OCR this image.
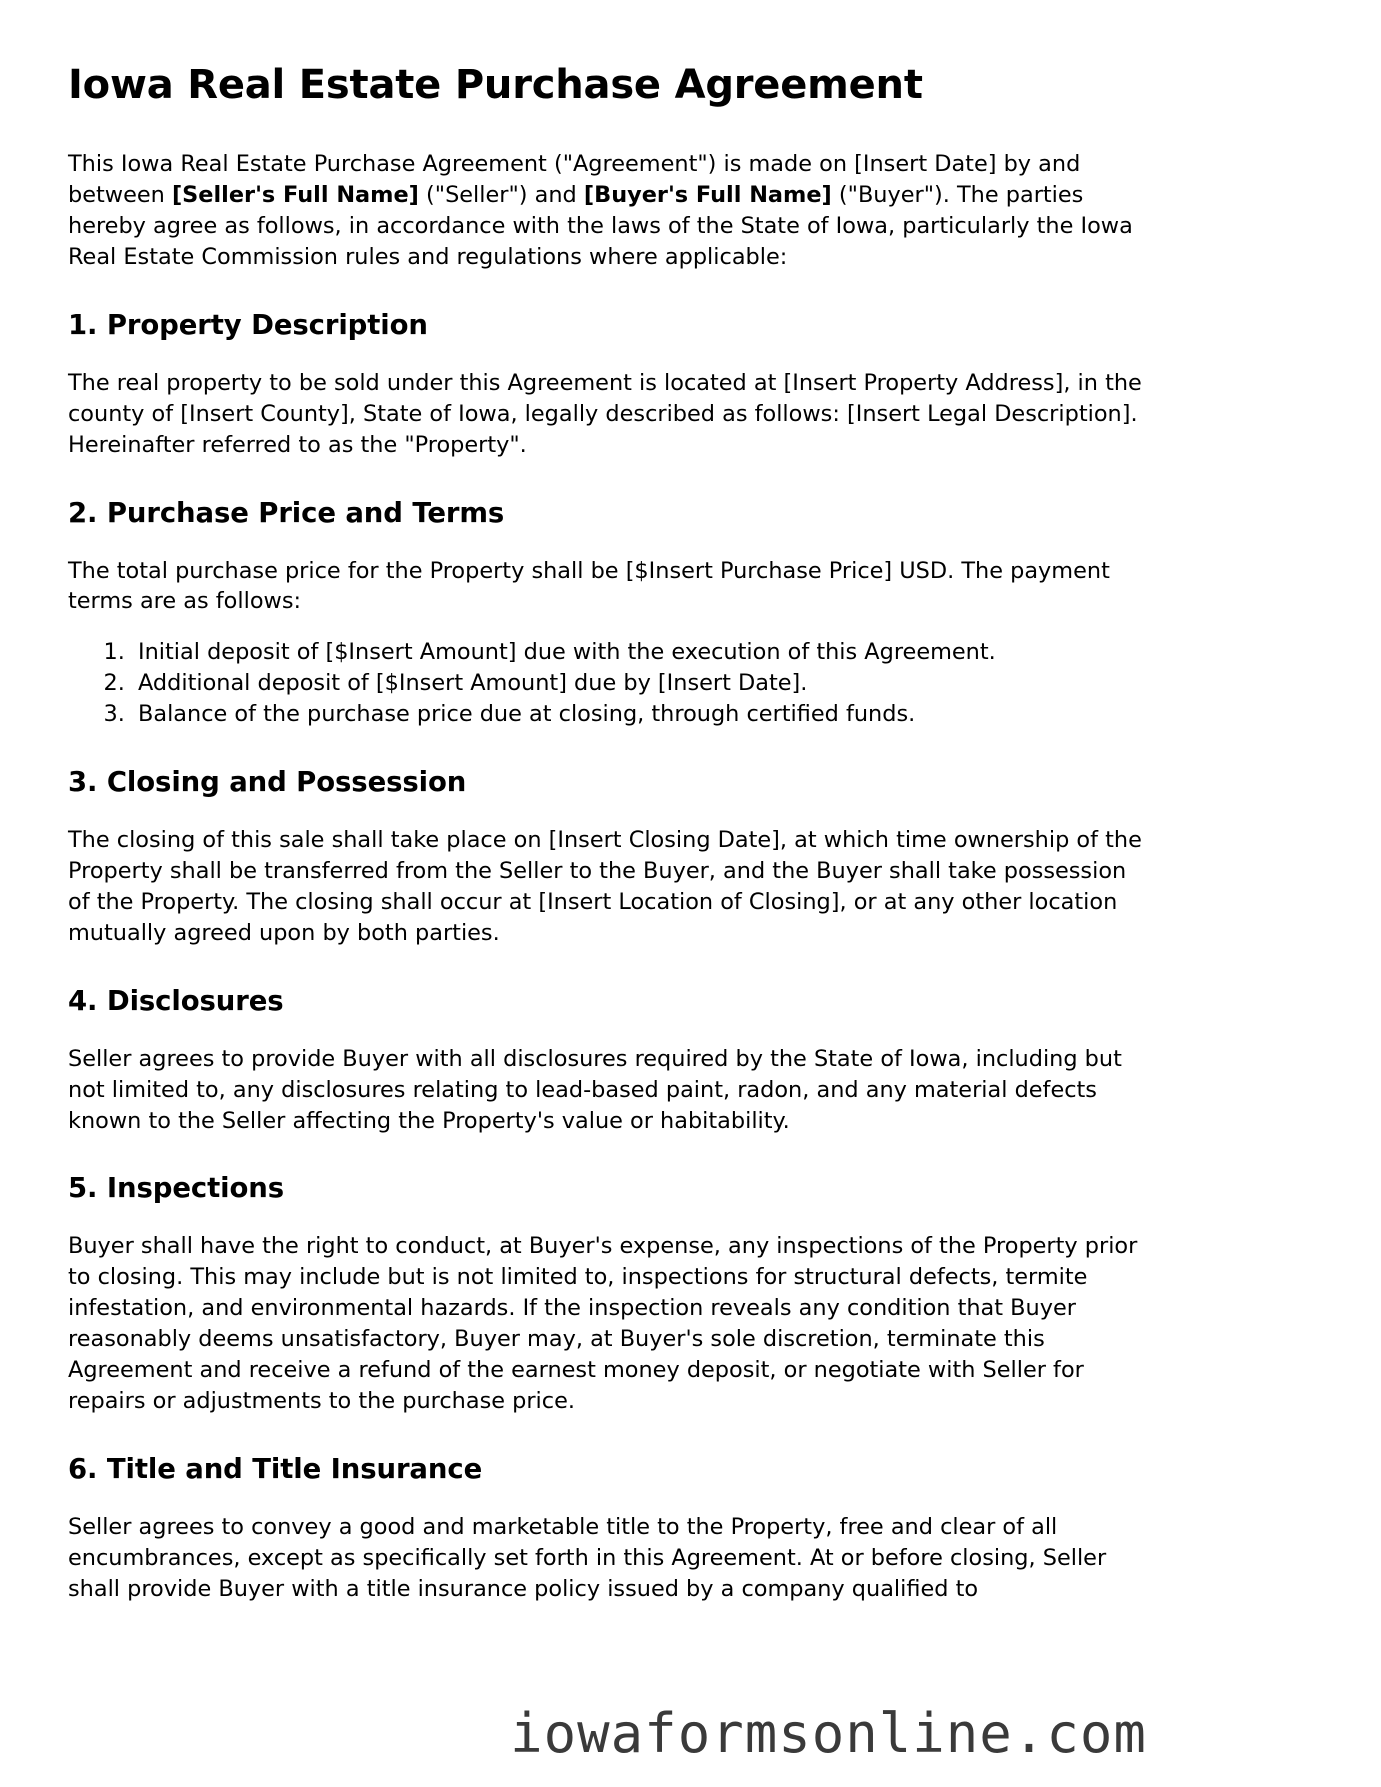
Iowa Real Estate Purchase Agreement

This Iowa Real Estate Purchase Agreement ("Agreement") is made on [Insert Date] by and between [Seller's Full Name] ("Seller") and [Buyer's Full Name] ("Buyer"). The parties hereby agree as follows, in accordance with the laws of the State of Iowa, particularly the Iowa Real Estate Commission rules and regulations where applicable:

1. Property Description

The real property to be sold under this Agreement is located at [Insert Property Address], in the county of [Insert County], State of Iowa, legally described as follows: [Insert Legal Description]. Hereinafter referred to as the "Property".

2. Purchase Price and Terms

The total purchase price for the Property shall be [$Insert Purchase Price] USD. The payment terms are as follows:

1. Initial deposit of [$Insert Amount] due with the execution of this Agreement.
2. Additional deposit of [$Insert Amount] due by [Insert Date].
3. Balance of the purchase price due at closing, through certified funds.
3. Closing and Possession

The closing of this sale shall take place on [Insert Closing Date], at which time ownership of the Property shall be transferred from the Seller to the Buyer, and the Buyer shall take possession of the Property. The closing shall occur at [Insert Location of Closing], or at any other location mutually agreed upon by both parties.

4. Disclosures

Seller agrees to provide Buyer with all disclosures required by the State of Iowa, including but not limited to, any disclosures relating to lead-based paint, radon, and any material defects known to the Seller affecting the Property's value or habitability.

5. Inspections

Buyer shall have the right to conduct, at Buyer's expense, any inspections of the Property prior to closing. This may include but is not limited to, inspections for structural defects, termite infestation, and environmental hazards. If the inspection reveals any condition that Buyer reasonably deems unsatisfactory, Buyer may, at Buyer's sole discretion, terminate this Agreement and receive a refund of the earnest money deposit, or negotiate with Seller for repairs or adjustments to the purchase price.

6. Title and Title Insurance

Seller agrees to convey a good and marketable title to the Property, free and clear of all encumbrances, except as specifically set forth in this Agreement. At or before closing, Seller shall provide Buyer with a title insurance policy issued by a company qualified to

iowaformsonline.com
